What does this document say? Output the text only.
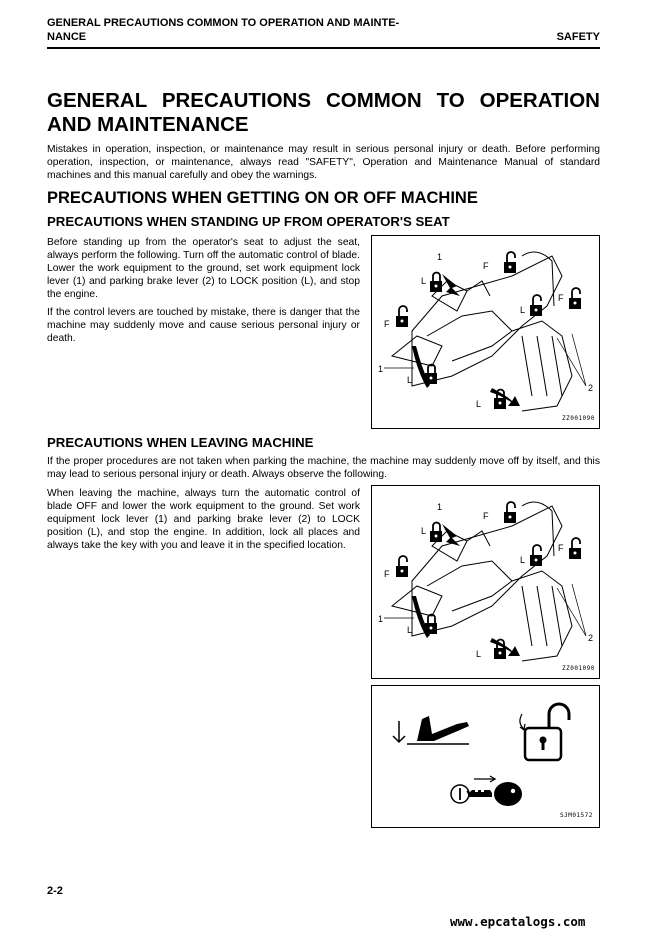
GENERAL PRECAUTIONS COMMON TO OPERATION AND MAINTE-
NANCE	SAFETY
GENERAL PRECAUTIONS COMMON TO OPERATION AND MAINTENANCE
Mistakes in operation, inspection, or maintenance may result in serious personal injury or death. Before performing operation, inspection, or maintenance, always read "SAFETY", Operation and Maintenance Manual of standard machines and this manual carefully and obey the warnings.
PRECAUTIONS WHEN GETTING ON OR OFF MACHINE
PRECAUTIONS WHEN STANDING UP FROM OPERATOR'S SEAT
Before standing up from the operator's seat to adjust the seat, always perform the following. Turn off the automatic control of blade. Lower the work equipment to the ground, set work equipment lock lever (1) and parking brake lever (2) to LOCK position (L), and stop the engine.
If the control levers are touched by mistake, there is danger that the machine may suddenly move and cause serious personal injury or death.
1
L
F
F
L
1
F
L
L
2
ZZ001090
PRECAUTIONS WHEN LEAVING MACHINE
If the proper procedures are not taken when parking the machine, the machine may suddenly move off by itself, and this may lead to serious personal injury or death. Always observe the following.
When leaving the machine, always turn the automatic control of blade OFF and lower the work equipment to the ground. Set work equipment lock lever (1) and parking brake lever (2) to LOCK position (L), and stop the engine. In addition, lock all places and always take the key with you and leave it in the specified location.
1
L
F
F
L
1
F
L
L
2
ZZ001090
SJM01572
2-2
www.epcatalogs.com
